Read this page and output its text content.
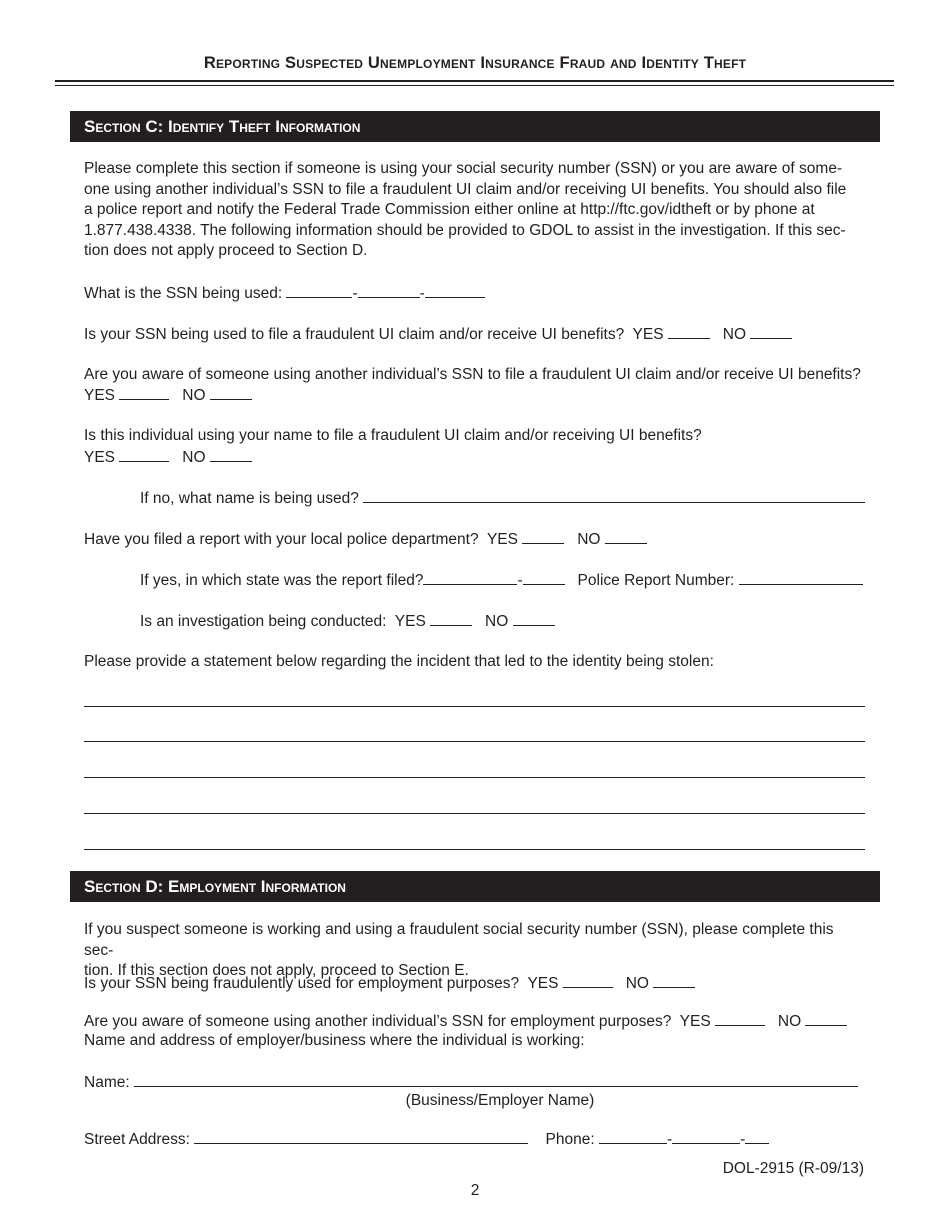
Reporting Suspected Unemployment Insurance Fraud and Identity Theft
Section C: Identify Theft Information
Please complete this section if someone is using your social security number (SSN) or you are aware of some-
one using another individual’s SSN to file a fraudulent UI claim and/or receiving UI benefits. You should also file
a police report and notify the Federal Trade Commission either online at http://ftc.gov/idtheft or by phone at
1.877.438.4338. The following information should be provided to GDOL to assist in the investigation. If this sec-
tion does not apply proceed to Section D.
What is the SSN being used:	-	-
Is your SSN being used to file a fraudulent UI claim and/or receive UI benefits? YES	NO
Are you aware of someone using another individual’s SSN to file a fraudulent UI claim and/or receive UI benefits?
YES	NO
Is this individual using your name to file a fraudulent UI claim and/or receiving UI benefits?
YES	NO
If no, what name is being used?
Have you filed a report with your local police department? YES	NO
If yes, in which state was the report filed?	-	Police Report Number:
Is an investigation being conducted: YES	NO
Please provide a statement below regarding the incident that led to the identity being stolen:
Section D: Employment Information
If you suspect someone is working and using a fraudulent social security number (SSN), please complete this sec-
tion. If this section does not apply, proceed to Section E.
Is your SSN being fraudulently used for employment purposes? YES	NO
Are you aware of someone using another individual’s SSN for employment purposes? YES	NO
Name and address of employer/business where the individual is working:
Name:
(Business/Employer Name)
Street Address:	Phone:	-	-
DOL-2915 (R-09/13)
2
